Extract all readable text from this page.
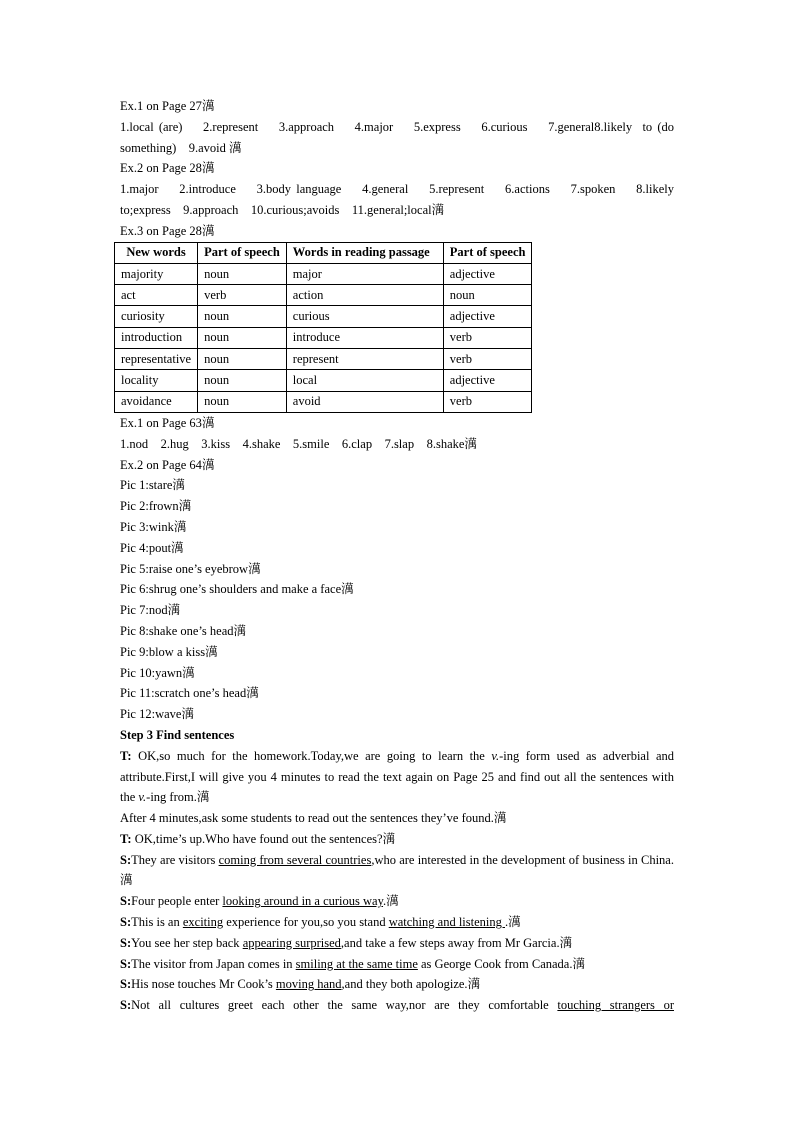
Ex.1 on Page 27澫
1.local (are)    2.represent    3.approach    4.major    5.express    6.curious    7.general8.likely  to (do
something)    9.avoid 澫
Ex.2 on Page 28澫
1.major    2.introduce    3.body language    4.general    5.represent    6.actions    7.spoken    8.likely
to;express    9.approach    10.curious;avoids    11.general;local澫
Ex.3 on Page 28澫
New words	Part of speech	Words in reading passage	Part of speech
majority	noun	major	adjective
act	verb	action	noun
curiosity	noun	curious	adjective
introduction	noun	introduce	verb
representative	noun	represent	verb
locality	noun	local	adjective
avoidance	noun	avoid	verb
Ex.1 on Page 63澫
1.nod    2.hug    3.kiss    4.shake    5.smile    6.clap    7.slap    8.shake澫
Ex.2 on Page 64澫
Pic 1:stare澫
Pic 2:frown澫
Pic 3:wink澫
Pic 4:pout澫
Pic 5:raise one’s eyebrow澫
Pic 6:shrug one’s shoulders and make a face澫
Pic 7:nod澫
Pic 8:shake one’s head澫
Pic 9:blow a kiss澫
Pic 10:yawn澫
Pic 11:scratch one’s head澫
Pic 12:wave澫
Step 3 Find sentences
T: OK,so much for the homework.Today,we are going to learn the v.-ing form used as adverbial and attribute.First,I will give you 4 minutes to read the text again on Page 25 and find out all the sentences with the v.-ing from.澫
After 4 minutes,ask some students to read out the sentences they’ve found.澫
T: OK,time’s up.Who have found out the sentences?澫
S:They are visitors coming from several countries,who are interested in the development of business in China.澫
S:Four people enter looking around in a curious way.澫
S:This is an exciting experience for you,so you stand watching and listening .澫
S:You see her step back appearing surprised,and take a few steps away from Mr Garcia.澫
S:The visitor from Japan comes in smiling at the same time as George Cook from Canada.澫
S:His nose touches Mr Cook’s moving hand,and they both apologize.澫
S:Not all cultures greet each other the same way,nor are they comfortable touching strangers or
